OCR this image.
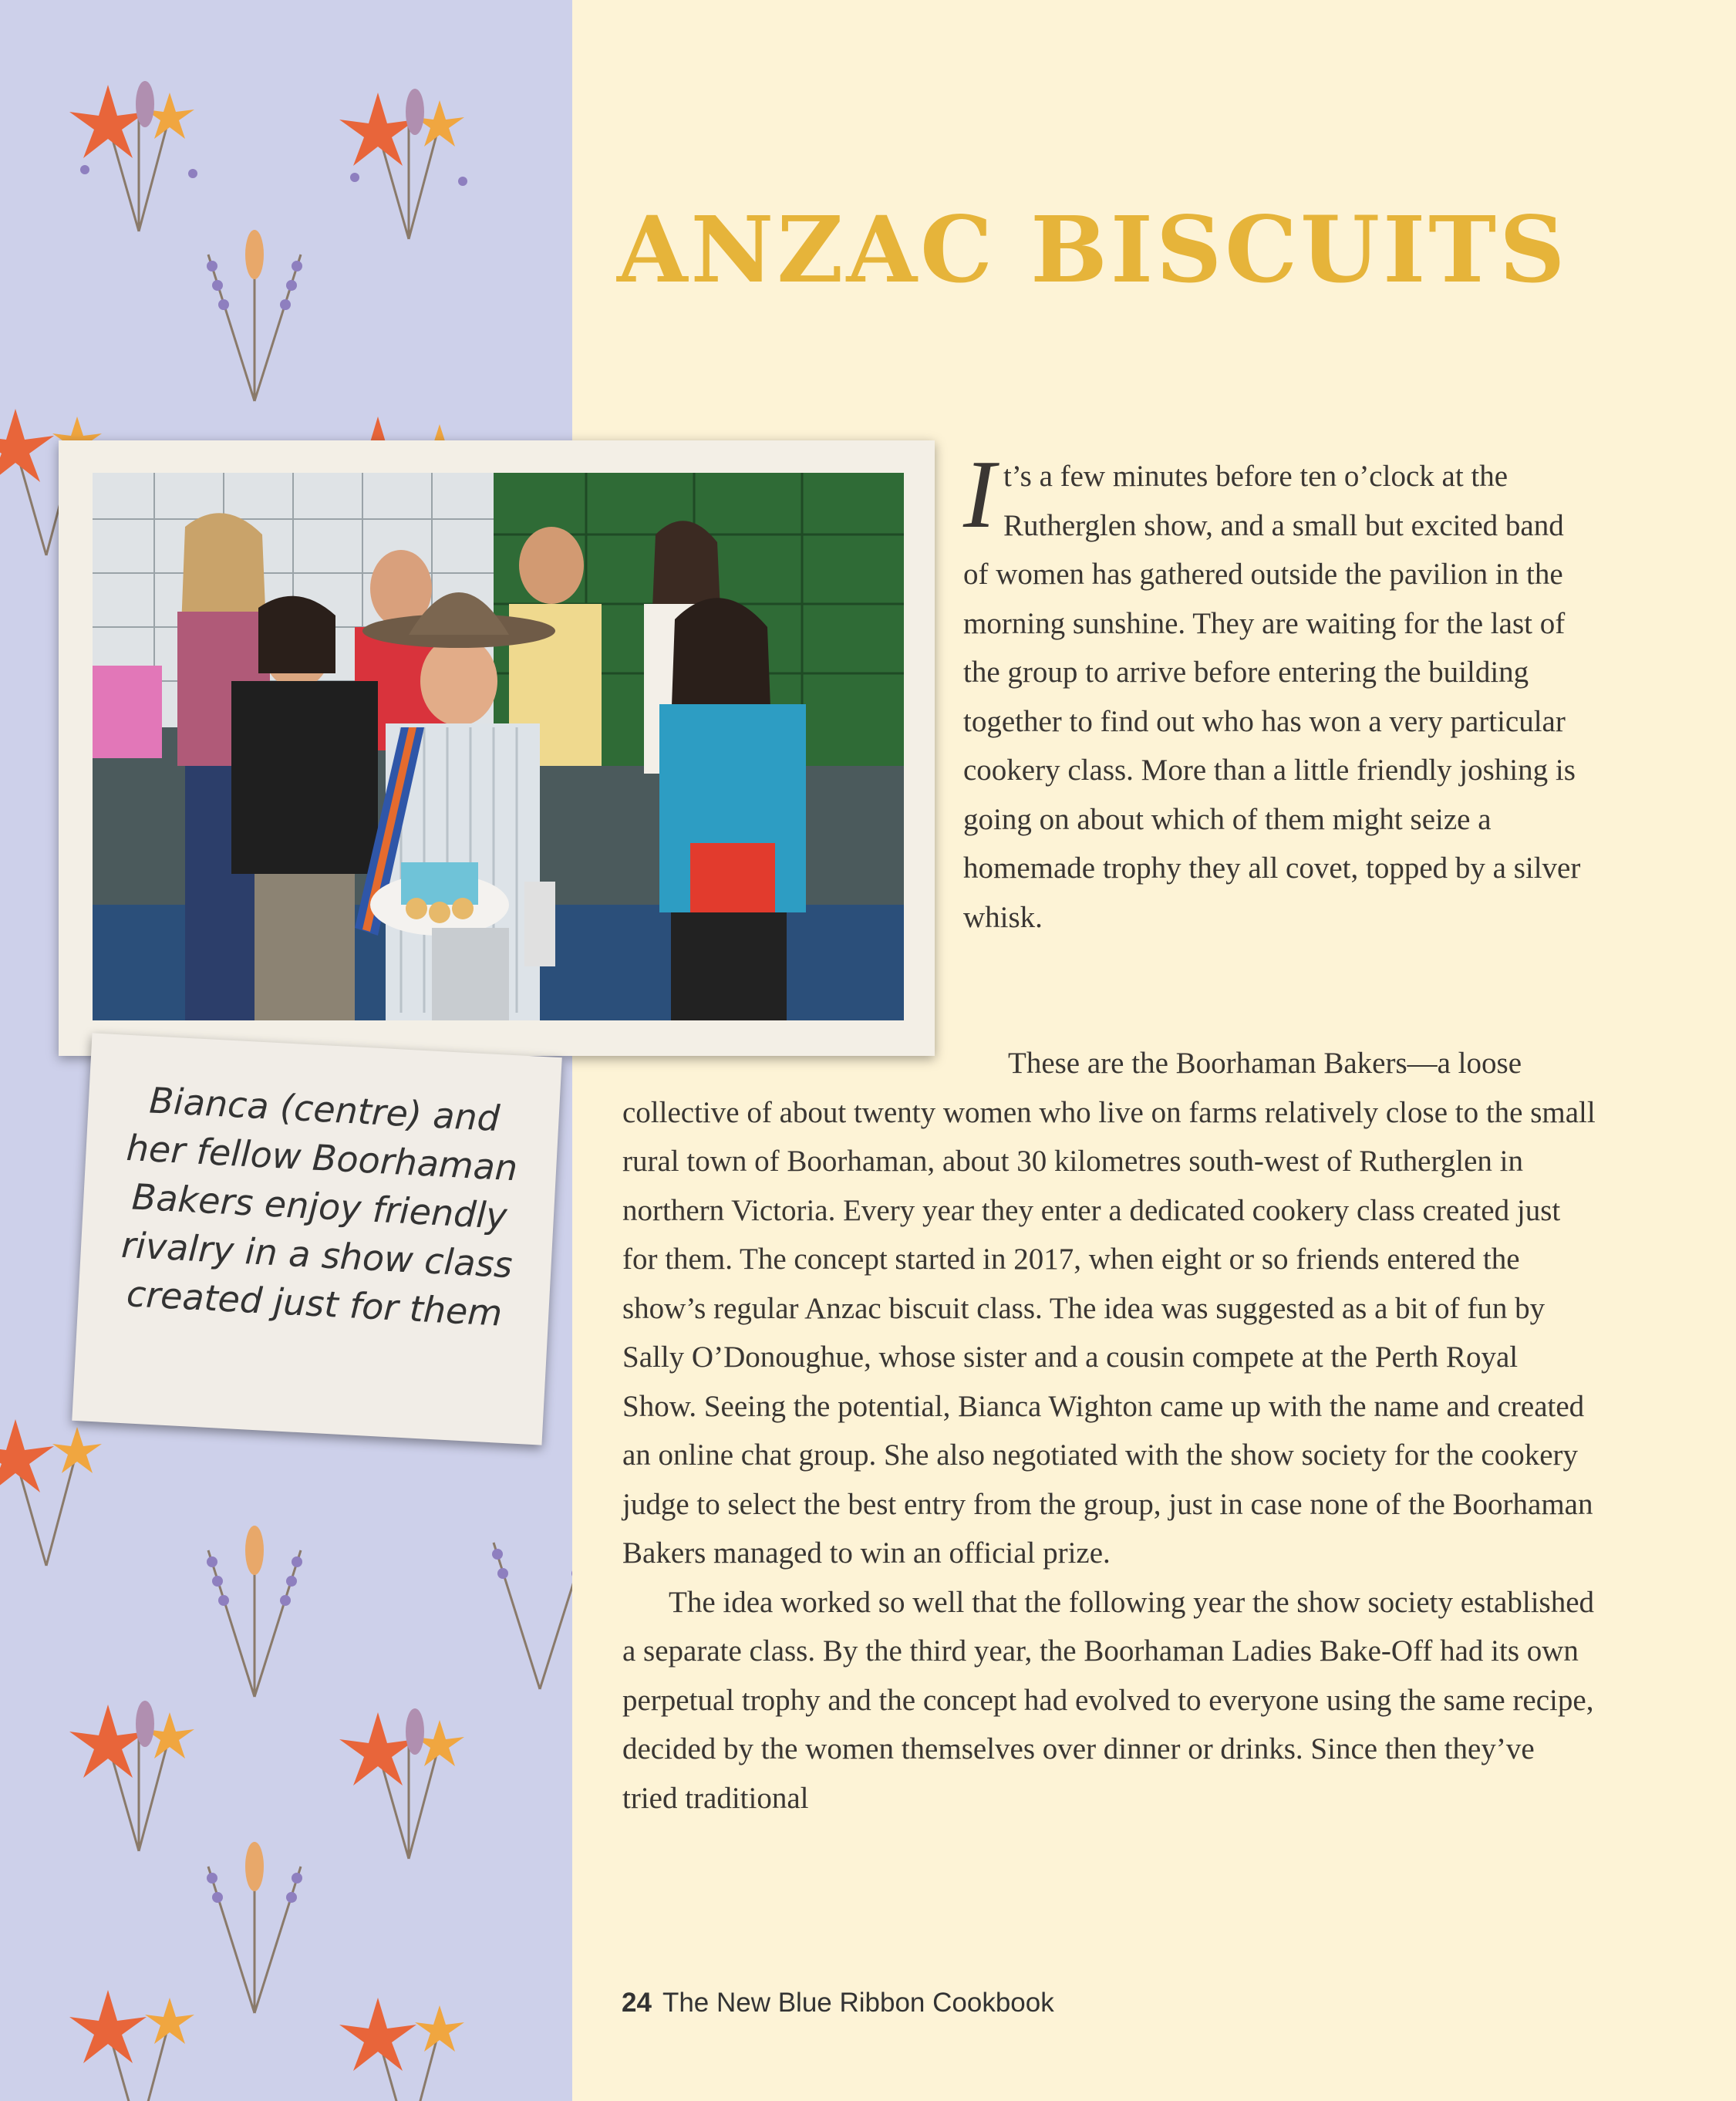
ANZAC BISCUITS
Bianca (centre) and her fellow Boorhaman Bakers enjoy friendly rivalry in a show class created just for them
It’s a few minutes before ten o’clock at the Rutherglen show, and a small but excited band of women has gathered outside the pavilion in the morning sunshine. They are waiting for the last of the group to arrive before entering the building together to find out who has won a very particular cookery class. More than a little friendly joshing is going on about which of them might seize a homemade trophy they all covet, topped by a silver whisk.

These are the Boorhaman Bakers—a loose collective of about twenty women who live on farms relatively close to the small rural town of Boorhaman, about 30 kilometres south-west of Rutherglen in northern Victoria. Every year they enter a dedicated cookery class created just for them. The concept started in 2017, when eight or so friends entered the show’s regular Anzac biscuit class. The idea was suggested as a bit of fun by Sally O’Donoughue, whose sister and a cousin compete at the Perth Royal Show. Seeing the potential, Bianca Wighton came up with the name and created an online chat group. She also negotiated with the show society for the cookery judge to select the best entry from the group, just in case none of the Boorhaman Bakers managed to win an official prize.

The idea worked so well that the following year the show society established a separate class. By the third year, the Boorhaman Ladies Bake-Off had its own perpetual trophy and the concept had evolved to everyone using the same recipe, decided by the women themselves over dinner or drinks. Since then they’ve tried traditional

24 The New Blue Ribbon Cookbook
